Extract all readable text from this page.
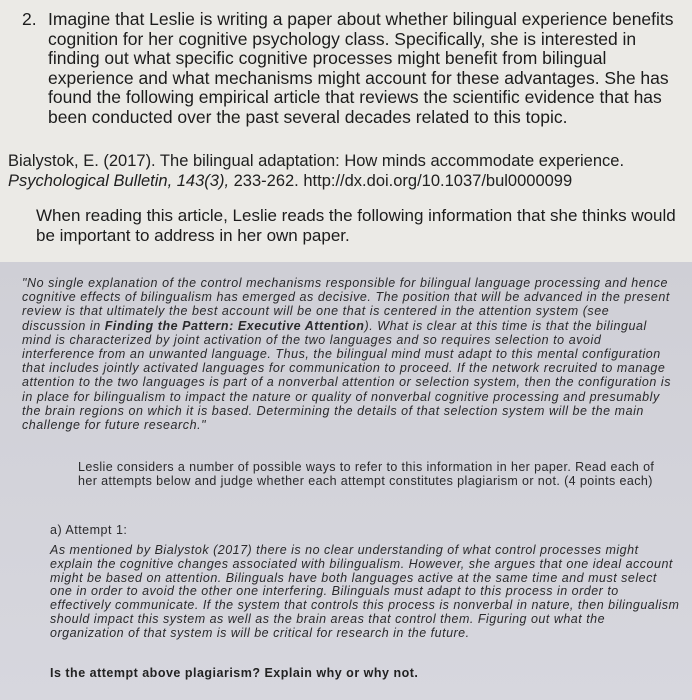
2. Imagine that Leslie is writing a paper about whether bilingual experience benefits cognition for her cognitive psychology class. Specifically, she is interested in finding out what specific cognitive processes might benefit from bilingual experience and what mechanisms might account for these advantages. She has found the following empirical article that reviews the scientific evidence that has been conducted over the past several decades related to this topic.

Bialystok, E. (2017). The bilingual adaptation: How minds accommodate experience.
Psychological Bulletin, 143(3), 233-262. http://dx.doi.org/10.1037/bul0000099

When reading this article, Leslie reads the following information that she thinks would be important to address in her own paper.

"No single explanation of the control mechanisms responsible for bilingual language processing and hence cognitive effects of bilingualism has emerged as decisive. The position that will be advanced in the present review is that ultimately the best account will be one that is centered in the attention system (see discussion in Finding the Pattern: Executive Attention). What is clear at this time is that the bilingual mind is characterized by joint activation of the two languages and so requires selection to avoid interference from an unwanted language. Thus, the bilingual mind must adapt to this mental configuration that includes jointly activated languages for communication to proceed. If the network recruited to manage attention to the two languages is part of a nonverbal attention or selection system, then the configuration is in place for bilingualism to impact the nature or quality of nonverbal cognitive processing and presumably the brain regions on which it is based. Determining the details of that selection system will be the main challenge for future research."

Leslie considers a number of possible ways to refer to this information in her paper. Read each of her attempts below and judge whether each attempt constitutes plagiarism or not. (4 points each)

a) Attempt 1:

As mentioned by Bialystok (2017) there is no clear understanding of what control processes might explain the cognitive changes associated with bilingualism. However, she argues that one ideal account might be based on attention. Bilinguals have both languages active at the same time and must select one in order to avoid the other one interfering. Bilinguals must adapt to this process in order to effectively communicate. If the system that controls this process is nonverbal in nature, then bilingualism should impact this system as well as the brain areas that control them. Figuring out what the organization of that system is will be critical for research in the future.

Is the attempt above plagiarism? Explain why or why not.
